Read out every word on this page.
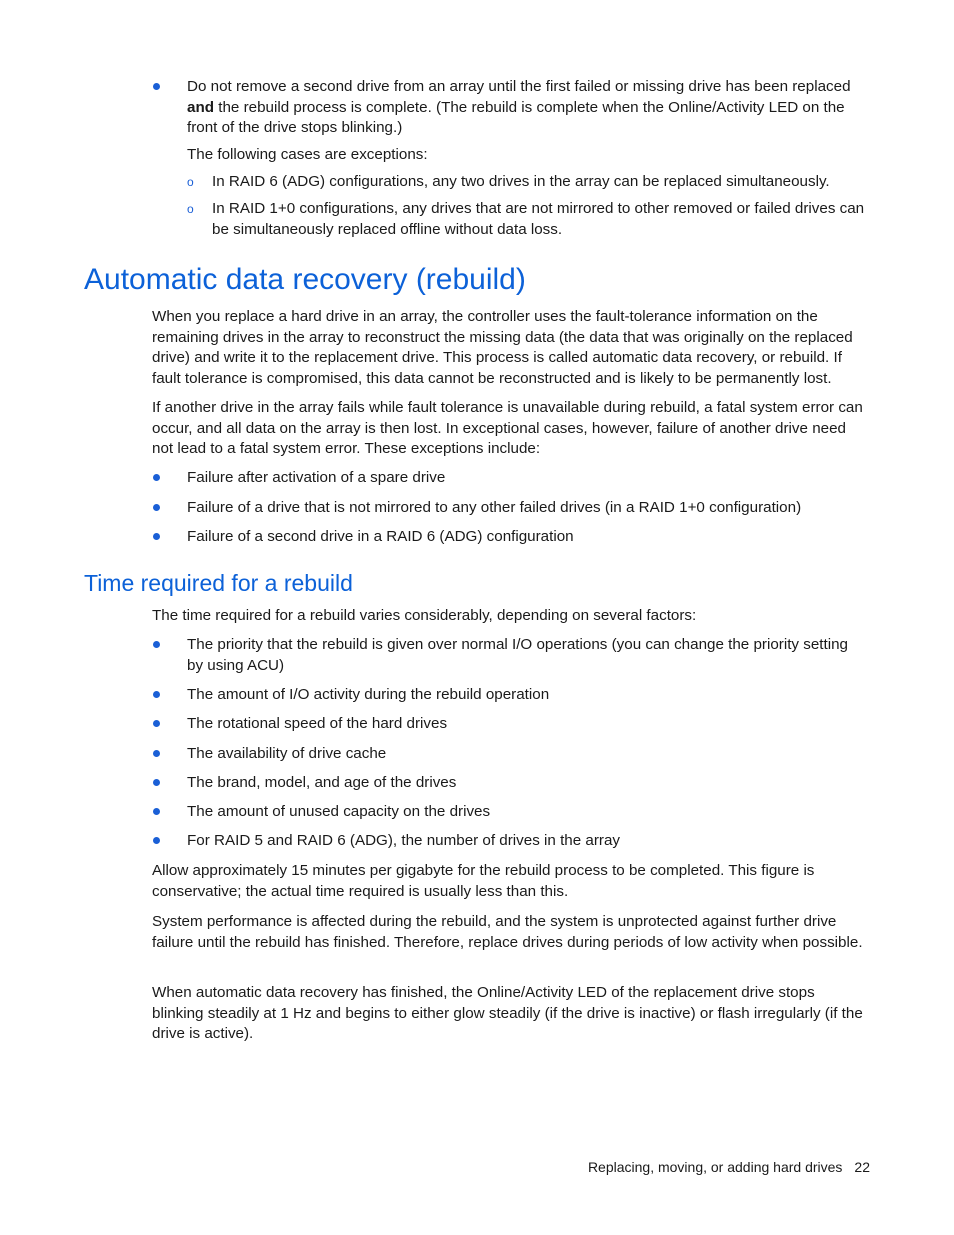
Do not remove a second drive from an array until the first failed or missing drive has been replaced and the rebuild process is complete. (The rebuild is complete when the Online/Activity LED on the front of the drive stops blinking.)

The following cases are exceptions:

o	In RAID 6 (ADG) configurations, any two drives in the array can be replaced simultaneously.
o	In RAID 1+0 configurations, any drives that are not mirrored to other removed or failed drives can be simultaneously replaced offline without data loss.
Automatic data recovery (rebuild)

When you replace a hard drive in an array, the controller uses the fault-tolerance information on the remaining drives in the array to reconstruct the missing data (the data that was originally on the replaced drive) and write it to the replacement drive. This process is called automatic data recovery, or rebuild. If fault tolerance is compromised, this data cannot be reconstructed and is likely to be permanently lost.

If another drive in the array fails while fault tolerance is unavailable during rebuild, a fatal system error can occur, and all data on the array is then lost. In exceptional cases, however, failure of another drive need not lead to a fatal system error. These exceptions include:

Failure after activation of a spare drive
Failure of a drive that is not mirrored to any other failed drives (in a RAID 1+0 configuration)
Failure of a second drive in a RAID 6 (ADG) configuration
Time required for a rebuild

The time required for a rebuild varies considerably, depending on several factors:

The priority that the rebuild is given over normal I/O operations (you can change the priority setting by using ACU)
The amount of I/O activity during the rebuild operation
The rotational speed of the hard drives
The availability of drive cache
The brand, model, and age of the drives
The amount of unused capacity on the drives
For RAID 5 and RAID 6 (ADG), the number of drives in the array

Allow approximately 15 minutes per gigabyte for the rebuild process to be completed. This figure is conservative; the actual time required is usually less than this.

System performance is affected during the rebuild, and the system is unprotected against further drive failure until the rebuild has finished. Therefore, replace drives during periods of low activity when possible.

When automatic data recovery has finished, the Online/Activity LED of the replacement drive stops blinking steadily at 1 Hz and begins to either glow steadily (if the drive is inactive) or flash irregularly (if the drive is active).

Replacing, moving, or adding hard drives 22
